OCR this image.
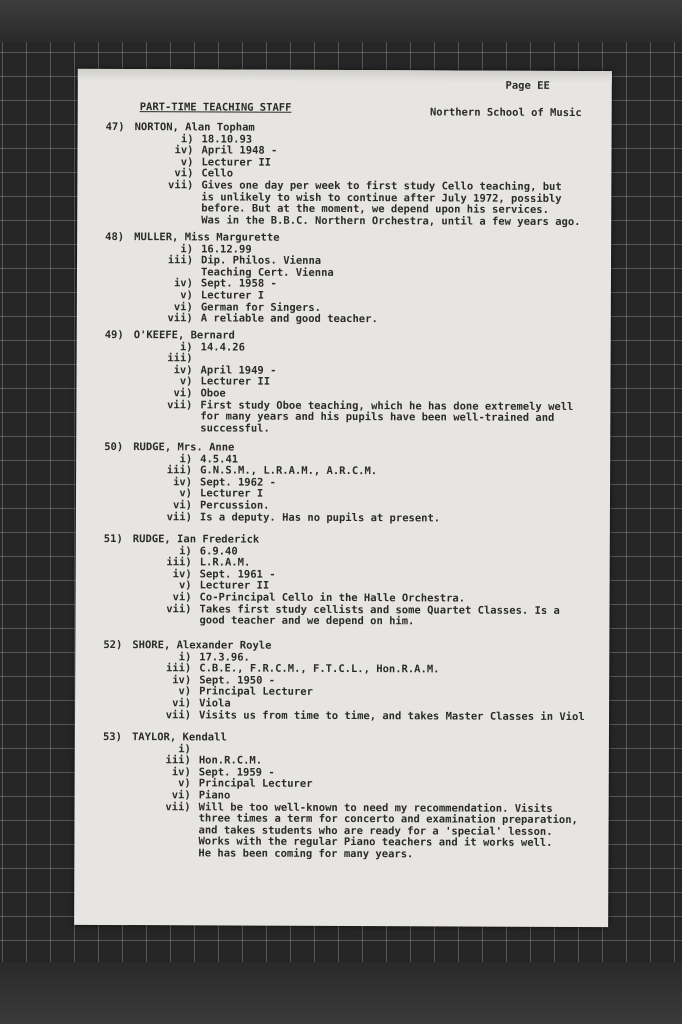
Page EE
PART-TIME TEACHING STAFF	Northern School of Music
47) NORTON, Alan Topham
i) 18.10.93
iv) April 1948 -
v) Lecturer II
vi) Cello
vii) Gives one day per week to first study Cello teaching, but
is unlikely to wish to continue after July 1972, possibly
before. But at the moment, we depend upon his services.
Was in the B.B.C. Northern Orchestra, until a few years ago.
48) MULLER, Miss Margurette
i) 16.12.99
iii) Dip. Philos. Vienna
Teaching Cert. Vienna
iv) Sept. 1958 -
v) Lecturer I
vi) German for Singers.
vii) A reliable and good teacher.
49) O'KEEFE, Bernard
i) 14.4.26
iii)
iv) April 1949 -
v) Lecturer II
vi) Oboe
vii) First study Oboe teaching, which he has done extremely well
for many years and his pupils have been well-trained and
successful.
50) RUDGE, Mrs. Anne
i) 4.5.41
iii) G.N.S.M., L.R.A.M., A.R.C.M.
iv) Sept. 1962 -
v) Lecturer I
vi) Percussion.
vii) Is a deputy. Has no pupils at present.
51) RUDGE, Ian Frederick
i) 6.9.40
iii) L.R.A.M.
iv) Sept. 1961 -
v) Lecturer II
vi) Co-Principal Cello in the Halle Orchestra.
vii) Takes first study cellists and some Quartet Classes. Is a
good teacher and we depend on him.
52) SHORE, Alexander Royle
i) 17.3.96.
iii) C.B.E., F.R.C.M., F.T.C.L., Hon.R.A.M.
iv) Sept. 1950 -
v) Principal Lecturer
vi) Viola
vii) Visits us from time to time, and takes Master Classes in Viol
53) TAYLOR, Kendall
i)
iii) Hon.R.C.M.
iv) Sept. 1959 -
v) Principal Lecturer
vi) Piano
vii) Will be too well-known to need my recommendation. Visits
three times a term for concerto and examination preparation,
and takes students who are ready for a 'special' lesson.
Works with the regular Piano teachers and it works well.
He has been coming for many years.
